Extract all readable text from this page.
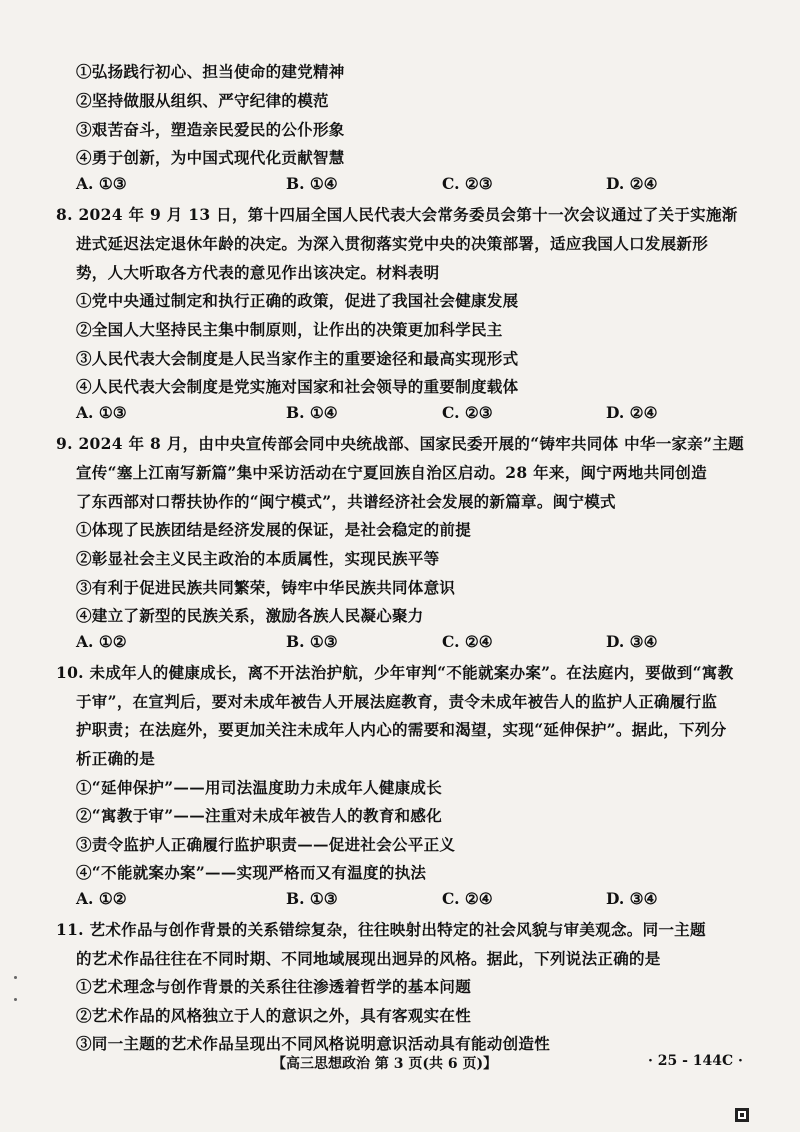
①弘扬践行初心、担当使命的建党精神
②坚持做服从组织、严守纪律的模范
③艰苦奋斗，塑造亲民爱民的公仆形象
④勇于创新，为中国式现代化贡献智慧
A. ①③	B. ①④	C. ②③	D. ②④
8. 2024 年 9 月 13 日，第十四届全国人民代表大会常务委员会第十一次会议通过了关于实施渐
进式延迟法定退休年龄的决定。为深入贯彻落实党中央的决策部署，适应我国人口发展新形
势，人大听取各方代表的意见作出该决定。材料表明
①党中央通过制定和执行正确的政策，促进了我国社会健康发展
②全国人大坚持民主集中制原则，让作出的决策更加科学民主
③人民代表大会制度是人民当家作主的重要途径和最高实现形式
④人民代表大会制度是党实施对国家和社会领导的重要制度载体
A. ①③	B. ①④	C. ②③	D. ②④
9. 2024 年 8 月，由中央宣传部会同中央统战部、国家民委开展的“铸牢共同体 中华一家亲”主题
宣传“塞上江南写新篇”集中采访活动在宁夏回族自治区启动。28 年来，闽宁两地共同创造
了东西部对口帮扶协作的“闽宁模式”，共谱经济社会发展的新篇章。闽宁模式
①体现了民族团结是经济发展的保证，是社会稳定的前提
②彰显社会主义民主政治的本质属性，实现民族平等
③有利于促进民族共同繁荣，铸牢中华民族共同体意识
④建立了新型的民族关系，激励各族人民凝心聚力
A. ①②	B. ①③	C. ②④	D. ③④
10. 未成年人的健康成长，离不开法治护航，少年审判“不能就案办案”。在法庭内，要做到“寓教
于审”，在宣判后，要对未成年被告人开展法庭教育，责令未成年被告人的监护人正确履行监
护职责；在法庭外，要更加关注未成年人内心的需要和渴望，实现“延伸保护”。据此，下列分
析正确的是
①“延伸保护”——用司法温度助力未成年人健康成长
②“寓教于审”——注重对未成年被告人的教育和感化
③责令监护人正确履行监护职责——促进社会公平正义
④“不能就案办案”——实现严格而又有温度的执法
A. ①②	B. ①③	C. ②④	D. ③④
11. 艺术作品与创作背景的关系错综复杂，往往映射出特定的社会风貌与审美观念。同一主题
的艺术作品往往在不同时期、不同地域展现出迥异的风格。据此，下列说法正确的是
①艺术理念与创作背景的关系往往渗透着哲学的基本问题
②艺术作品的风格独立于人的意识之外，具有客观实在性
③同一主题的艺术作品呈现出不同风格说明意识活动具有能动创造性
【高三思想政治 第 3 页(共 6 页)】	· 25 - 144C ·
